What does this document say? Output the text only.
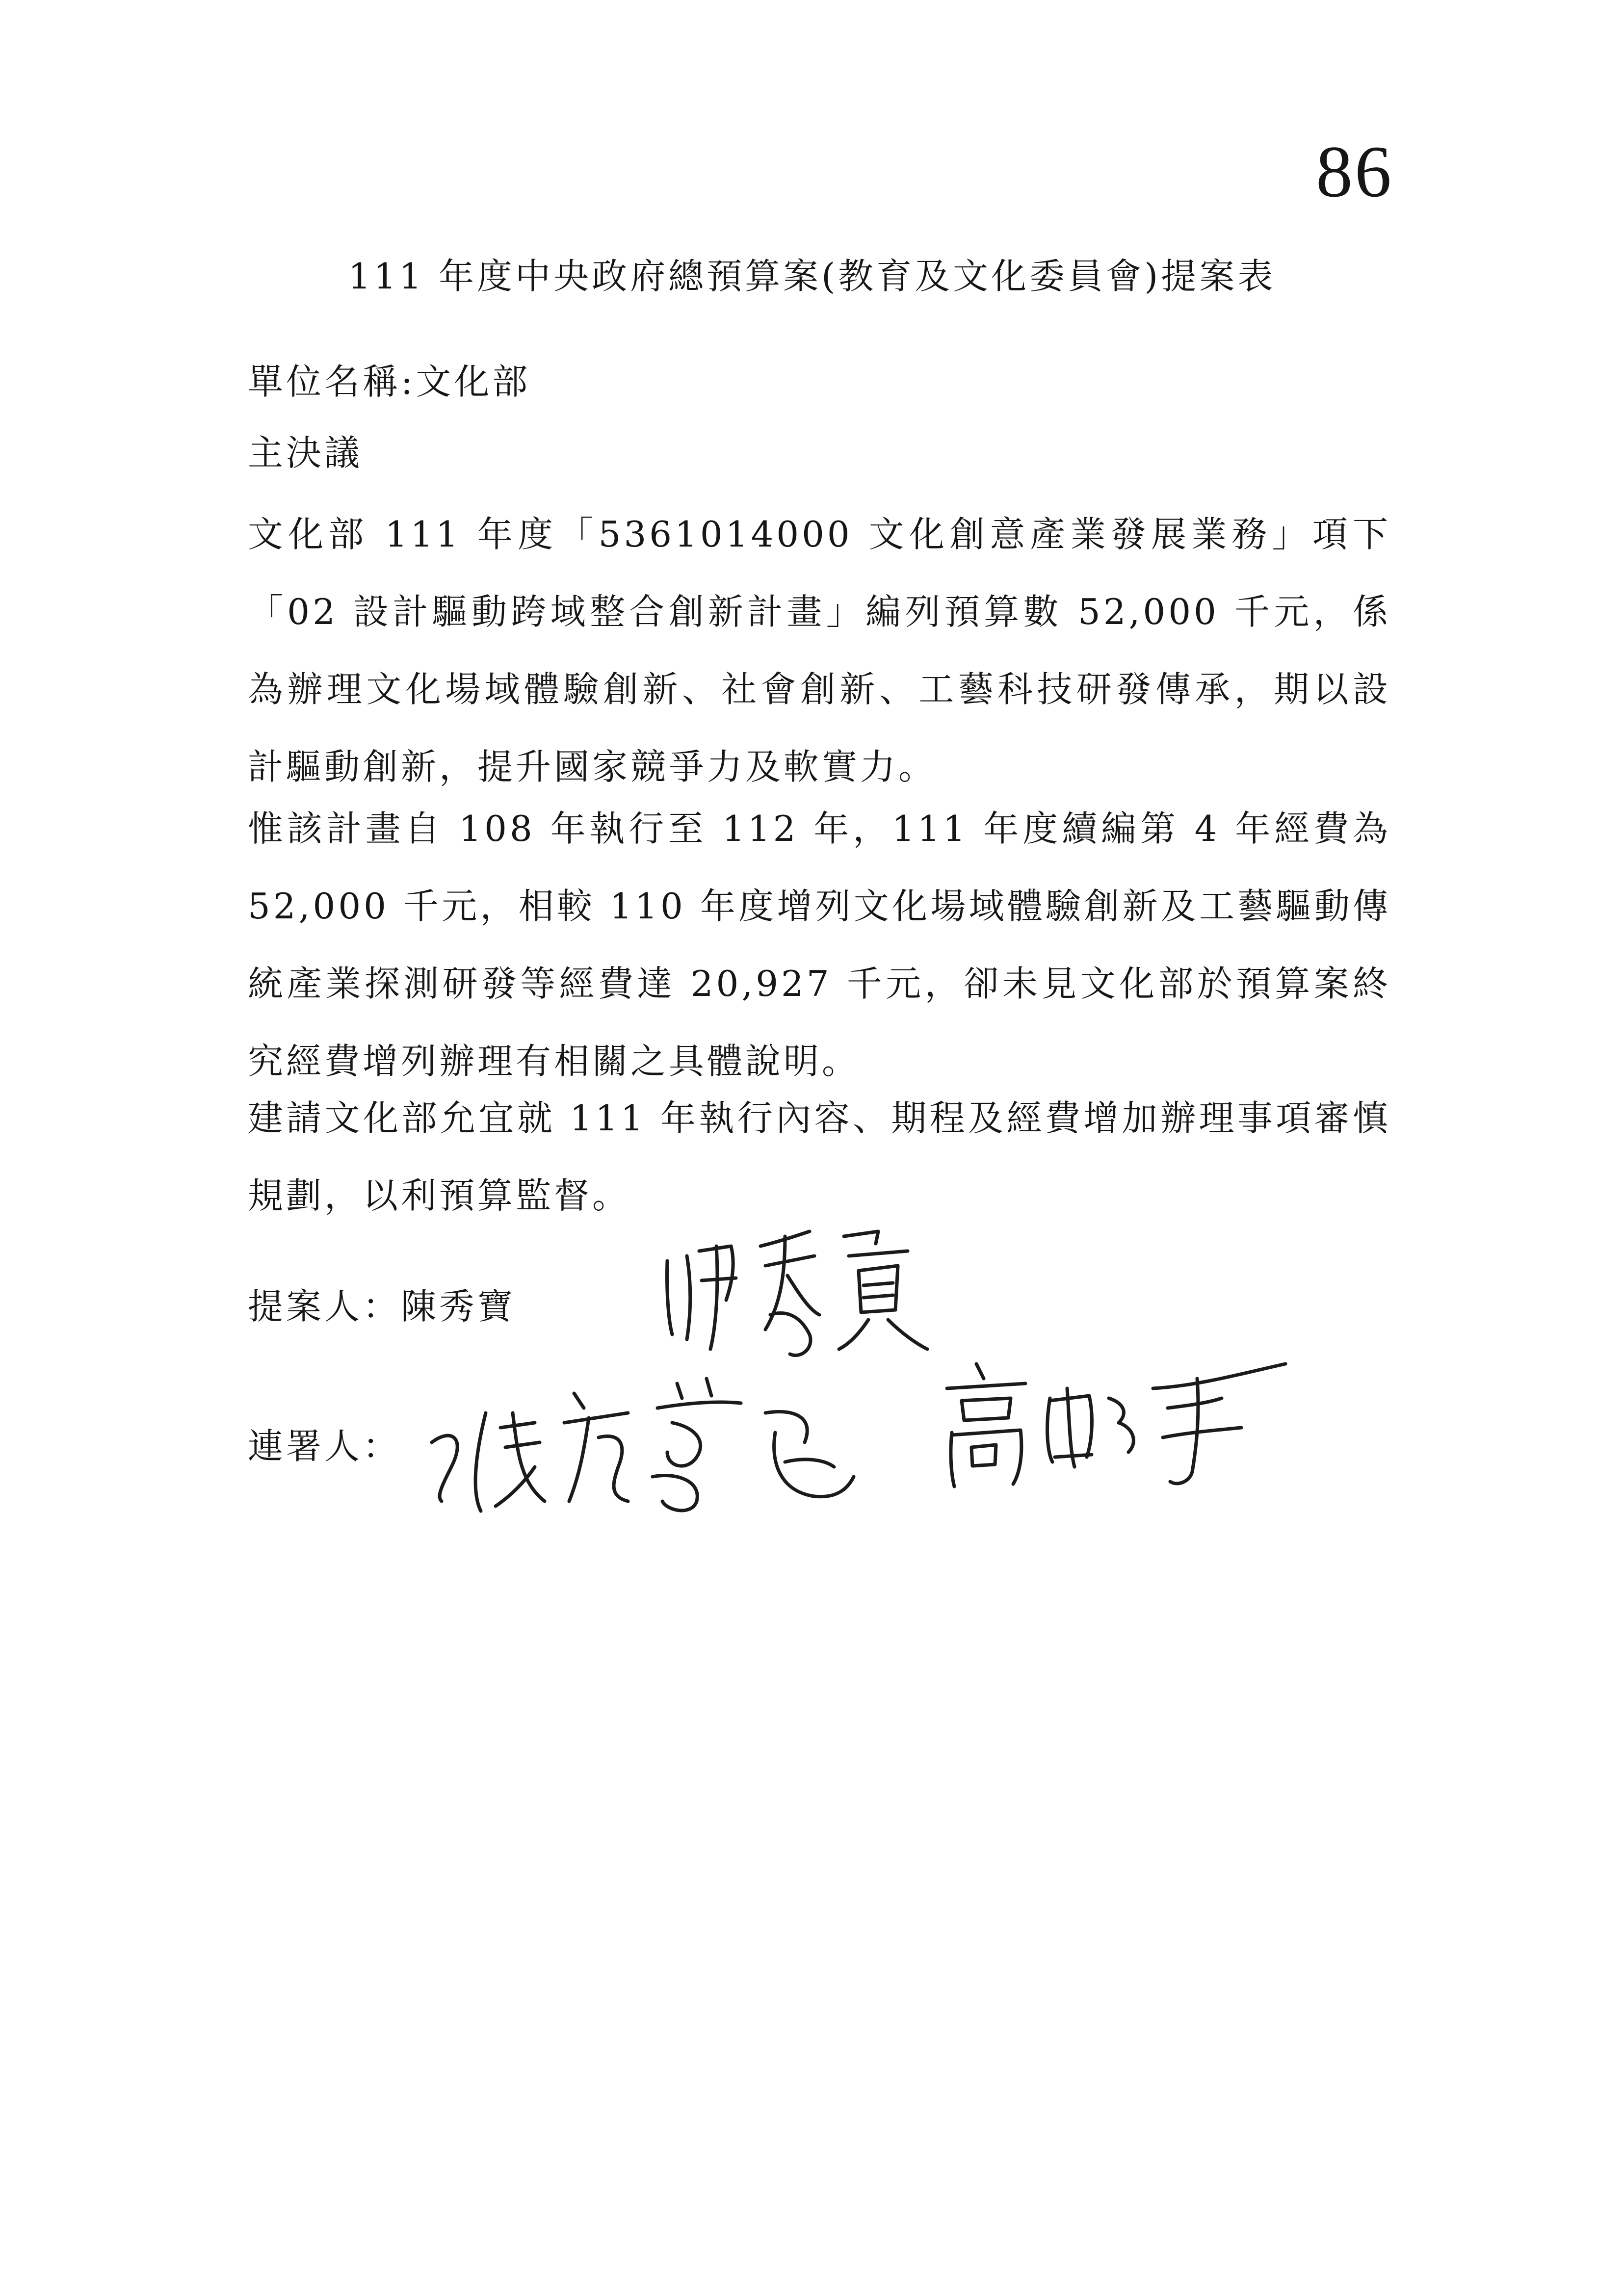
86
111 年度中央政府總預算案(教育及文化委員會)提案表
單位名稱:文化部
主決議
文化部 111 年度「5361014000 文化創意產業發展業務」項下「02 設計驅動跨域整合創新計畫」編列預算數 52,000 千元，係為辦理文化場域體驗創新、社會創新、工藝科技研發傳承，期以設計驅動創新，提升國家競爭力及軟實力。
惟該計畫自 108 年執行至 112 年，111 年度續編第 4 年經費為 52,000 千元，相較 110 年度增列文化場域體驗創新及工藝驅動傳統產業探測研發等經費達 20,927 千元，卻未見文化部於預算案終究經費增列辦理有相關之具體說明。
建請文化部允宜就 111 年執行內容、期程及經費增加辦理事項審慎規劃，以利預算監督。
提案人：陳秀寶
連署人：
